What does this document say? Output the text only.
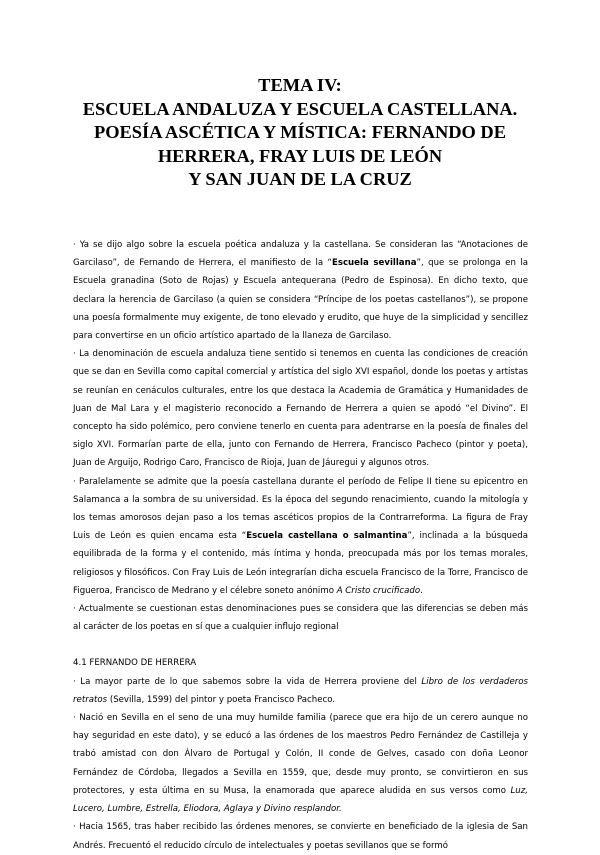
TEMA IV:
ESCUELA ANDALUZA Y ESCUELA CASTELLANA.
POESÍA ASCÉTICA Y MÍSTICA: FERNANDO DE
HERRERA, FRAY LUIS DE LEÓN
Y SAN JUAN DE LA CRUZ

· Ya se dijo algo sobre la escuela poética andaluza y la castellana. Se consideran las “Anotaciones de Garcilaso”, de Fernando de Herrera, el manifiesto de la “Escuela sevillana”, que se prolonga en la Escuela granadina (Soto de Rojas) y Escuela antequerana (Pedro de Espinosa). En dicho texto, que declara la herencia de Garcilaso (a quien se considera “Príncipe de los poetas castellanos”), se propone una poesía formalmente muy exigente, de tono elevado y erudito, que huye de la simplicidad y sencillez para convertirse en un oficio artístico apartado de la llaneza de Garcilaso.

· La denominación de escuela andaluza tiene sentido si tenemos en cuenta las condiciones de creación que se dan en Sevilla como capital comercial y artística del siglo XVI español, donde los poetas y artistas se reunían en cenáculos culturales, entre los que destaca la Academia de Gramática y Humanidades de Juan de Mal Lara y el magisterio reconocido a Fernando de Herrera a quien se apodó “el Divino”. El concepto ha sido polémico, pero conviene tenerlo en cuenta para adentrarse en la poesía de finales del siglo XVI. Formarían parte de ella, junto con Fernando de Herrera, Francisco Pacheco (pintor y poeta), Juan de Arguijo, Rodrigo Caro, Francisco de Rioja, Juan de Jáuregui y algunos otros.

· Paralelamente se admite que la poesía castellana durante el período de Felipe II tiene su epicentro en Salamanca a la sombra de su universidad. Es la época del segundo renacimiento, cuando la mitología y los temas amorosos dejan paso a los temas ascéticos propios de la Contrarreforma. La figura de Fray Luis de León es quien encama esta “Escuela castellana o salmantina”, inclinada a la búsqueda equilibrada de la forma y el contenido, más íntima y honda, preocupada más por los temas morales, religiosos y filosóficos. Con Fray Luis de León integrarían dicha escuela Francisco de la Torre, Francisco de Figueroa, Francisco de Medrano y el célebre soneto anónimo A Cristo crucificado.

· Actualmente se cuestionan estas denominaciones pues se considera que las diferencias se deben más al carácter de los poetas en sí que a cualquier influjo regional

4.1 FERNANDO DE HERRERA

· La mayor parte de lo que sabemos sobre la vida de Herrera proviene del Libro de los verdaderos retratos (Sevilla, 1599) del pintor y poeta Francisco Pacheco.

· Nació en Sevilla en el seno de una muy humilde familia (parece que era hijo de un cerero aunque no hay seguridad en este dato), y se educó a las órdenes de los maestros Pedro Fernández de Castilleja y trabó amistad con don Álvaro de Portugal y Colón, II conde de Gelves, casado con doña Leonor Fernández de Córdoba, llegados a Sevilla en 1559, que, desde muy pronto, se convirtieron en sus protectores, y esta última en su Musa, la enamorada que aparece aludida en sus versos como Luz, Lucero, Lumbre, Estrella, Eliodora, Aglaya y Divino resplandor.

· Hacia 1565, tras haber recibido las órdenes menores, se convierte en beneficiado de la iglesia de San Andrés. Frecuentó el reducido círculo de intelectuales y poetas sevillanos que se formó
